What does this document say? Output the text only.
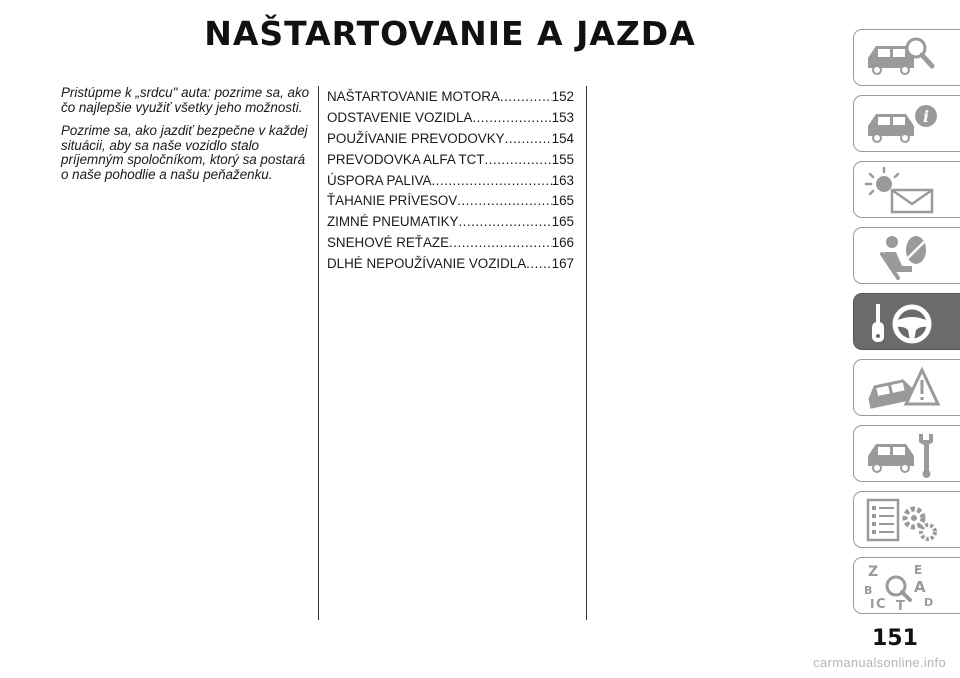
NAŠTARTOVANIE A JAZDA

Pristúpme k „srdcu" auta: pozrime sa, ako čo najlepšie využiť všetky jeho možnosti.

Pozrime sa, ako jazdiť bezpečne v každej situácii, aby sa naše vozidlo stalo príjemným spoločníkom, ktorý sa postará o naše pohodlie a našu peňaženku.

NAŠTARTOVANIE MOTORA .....	152
ODSTAVENIE VOZIDLA .....	153
POUŽÍVANIE PREVODOVKY .....	154
PREVODOVKA ALFA TCT .....	155
ÚSPORA PALIVA .....	163
ŤAHANIE PRÍVESOV .....	165
ZIMNÉ PNEUMATIKY .....	165
SNEHOVÉ REŤAZE .....	166
DLHÉ NEPOUŽÍVANIE VOZIDLA ..... 167
i
Z	E
B	A
C	D
I T
151
carmanualsonline.info
